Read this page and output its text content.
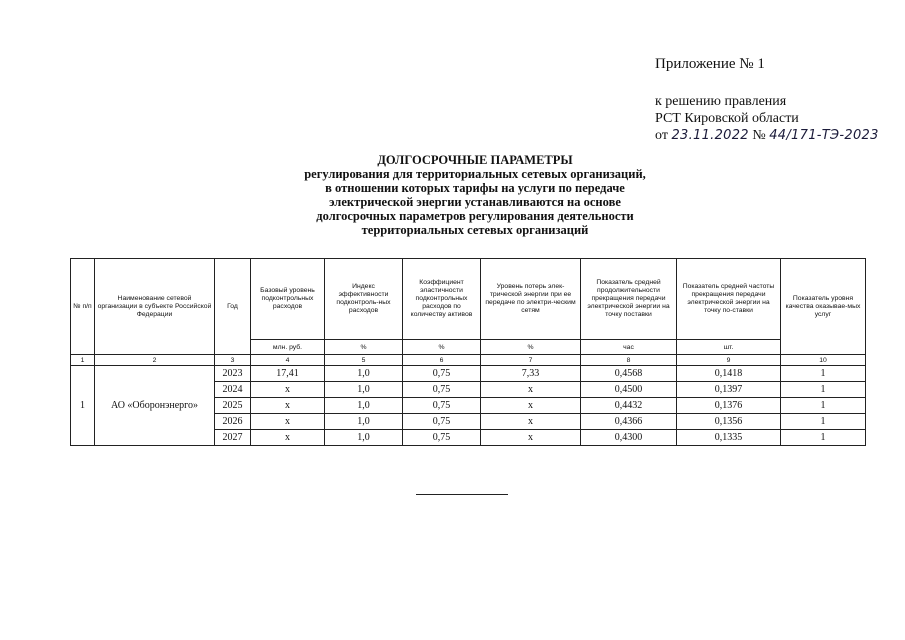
Приложение № 1
к решению правления
РСТ Кировской области
от 23.11.2022 № 44/171-ТЭ-2023
ДОЛГОСРОЧНЫЕ ПАРАМЕТРЫ
регулирования для территориальных сетевых организаций,
в отношении которых тарифы на услуги по передаче
электрической энергии устанавливаются на основе
долгосрочных параметров регулирования деятельности
территориальных сетевых организаций
№ п/п	Наименование сетевой организации в субъекте Российской Федерации	Год	Базовый уровень подконтрольных расходов	Индекс эффективности подконтроль-ных расходов	Коэффициент эластичности подконтрольных расходов по количеству активов	Уровень потерь элек-трической энергии при ее передаче по электри-ческим сетям	Показатель средней продолжительности прекращения передачи электрической энергии на точку поставки	Показатель средней частоты прекращения передачи электрической энергии на точку по-ставки	Показатель уровня качества оказывае-мых услуг
			млн. руб.	%	%	%	час	шт.	
1	2	3	4	5	6	7	8	9	10
1	АО «Оборонэнерго»	2023	17,41	1,0	0,75	7,33	0,4568	0,1418	1
		2024	x	1,0	0,75	x	0,4500	0,1397	1
		2025	x	1,0	0,75	x	0,4432	0,1376	1
		2026	x	1,0	0,75	x	0,4366	0,1356	1
		2027	x	1,0	0,75	x	0,4300	0,1335	1
